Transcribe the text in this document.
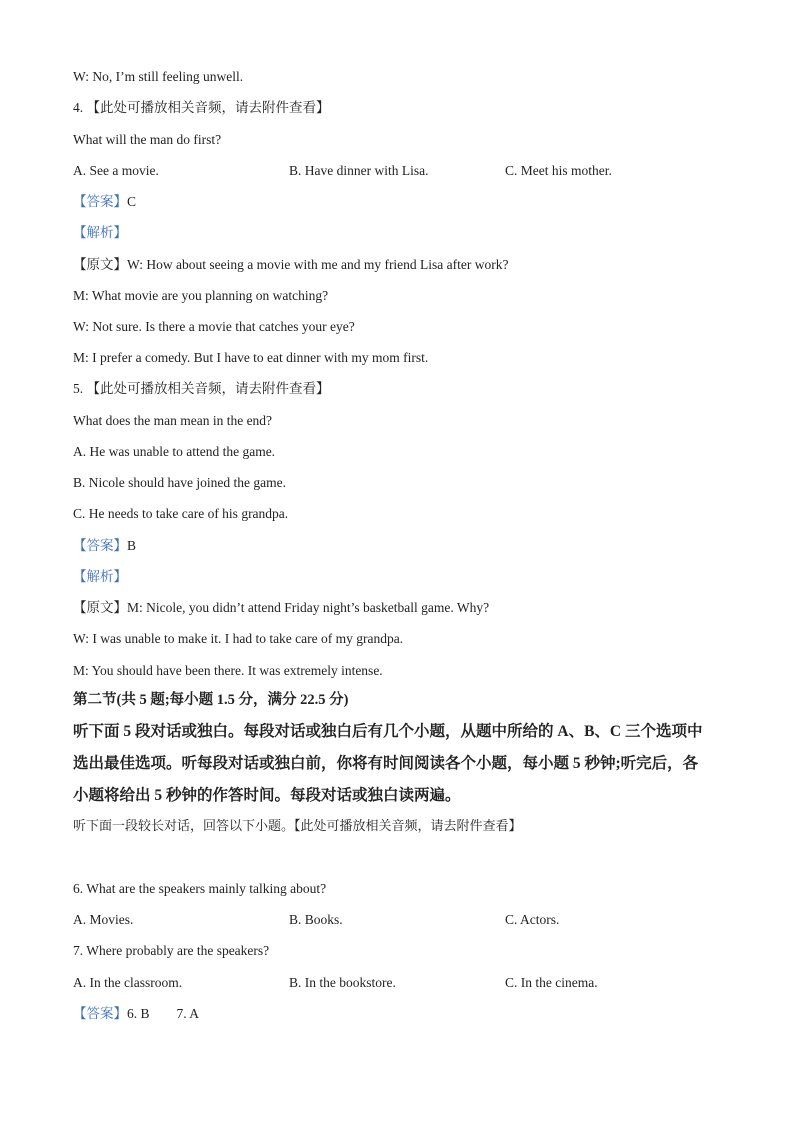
W: No, I’m still feeling unwell.
4. 【此处可播放相关音频，请去附件查看】
What will the man do first?
A. See a movie.	B. Have dinner with Lisa.	C. Meet his mother.
【答案】C
【解析】
【原文】W: How about seeing a movie with me and my friend Lisa after work?
M: What movie are you planning on watching?
W: Not sure. Is there a movie that catches your eye?
M: I prefer a comedy. But I have to eat dinner with my mom first.
5. 【此处可播放相关音频，请去附件查看】
What does the man mean in the end?
A. He was unable to attend the game.
B. Nicole should have joined the game.
C. He needs to take care of his grandpa.
【答案】B
【解析】
【原文】M: Nicole, you didn’t attend Friday night’s basketball game. Why?
W: I was unable to make it. I had to take care of my grandpa.
M: You should have been there. It was extremely intense.
第二节(共 5 题;每小题 1.5 分，满分 22.5 分)
听下面 5 段对话或独白。每段对话或独白后有几个小题，从题中所给的 A、B、C 三个选项中
选出最佳选项。听每段对话或独白前，你将有时间阅读各个小题，每小题 5 秒钟;听完后，各
小题将给出 5 秒钟的作答时间。每段对话或独白读两遍。
听下面一段较长对话，回答以下小题。【此处可播放相关音频，请去附件查看】
6. What are the speakers mainly talking about?
A. Movies.	B. Books.	C. Actors.
7. Where probably are the speakers?
A. In the classroom.	B. In the bookstore.	C. In the cinema.
【答案】6. B 7. A
